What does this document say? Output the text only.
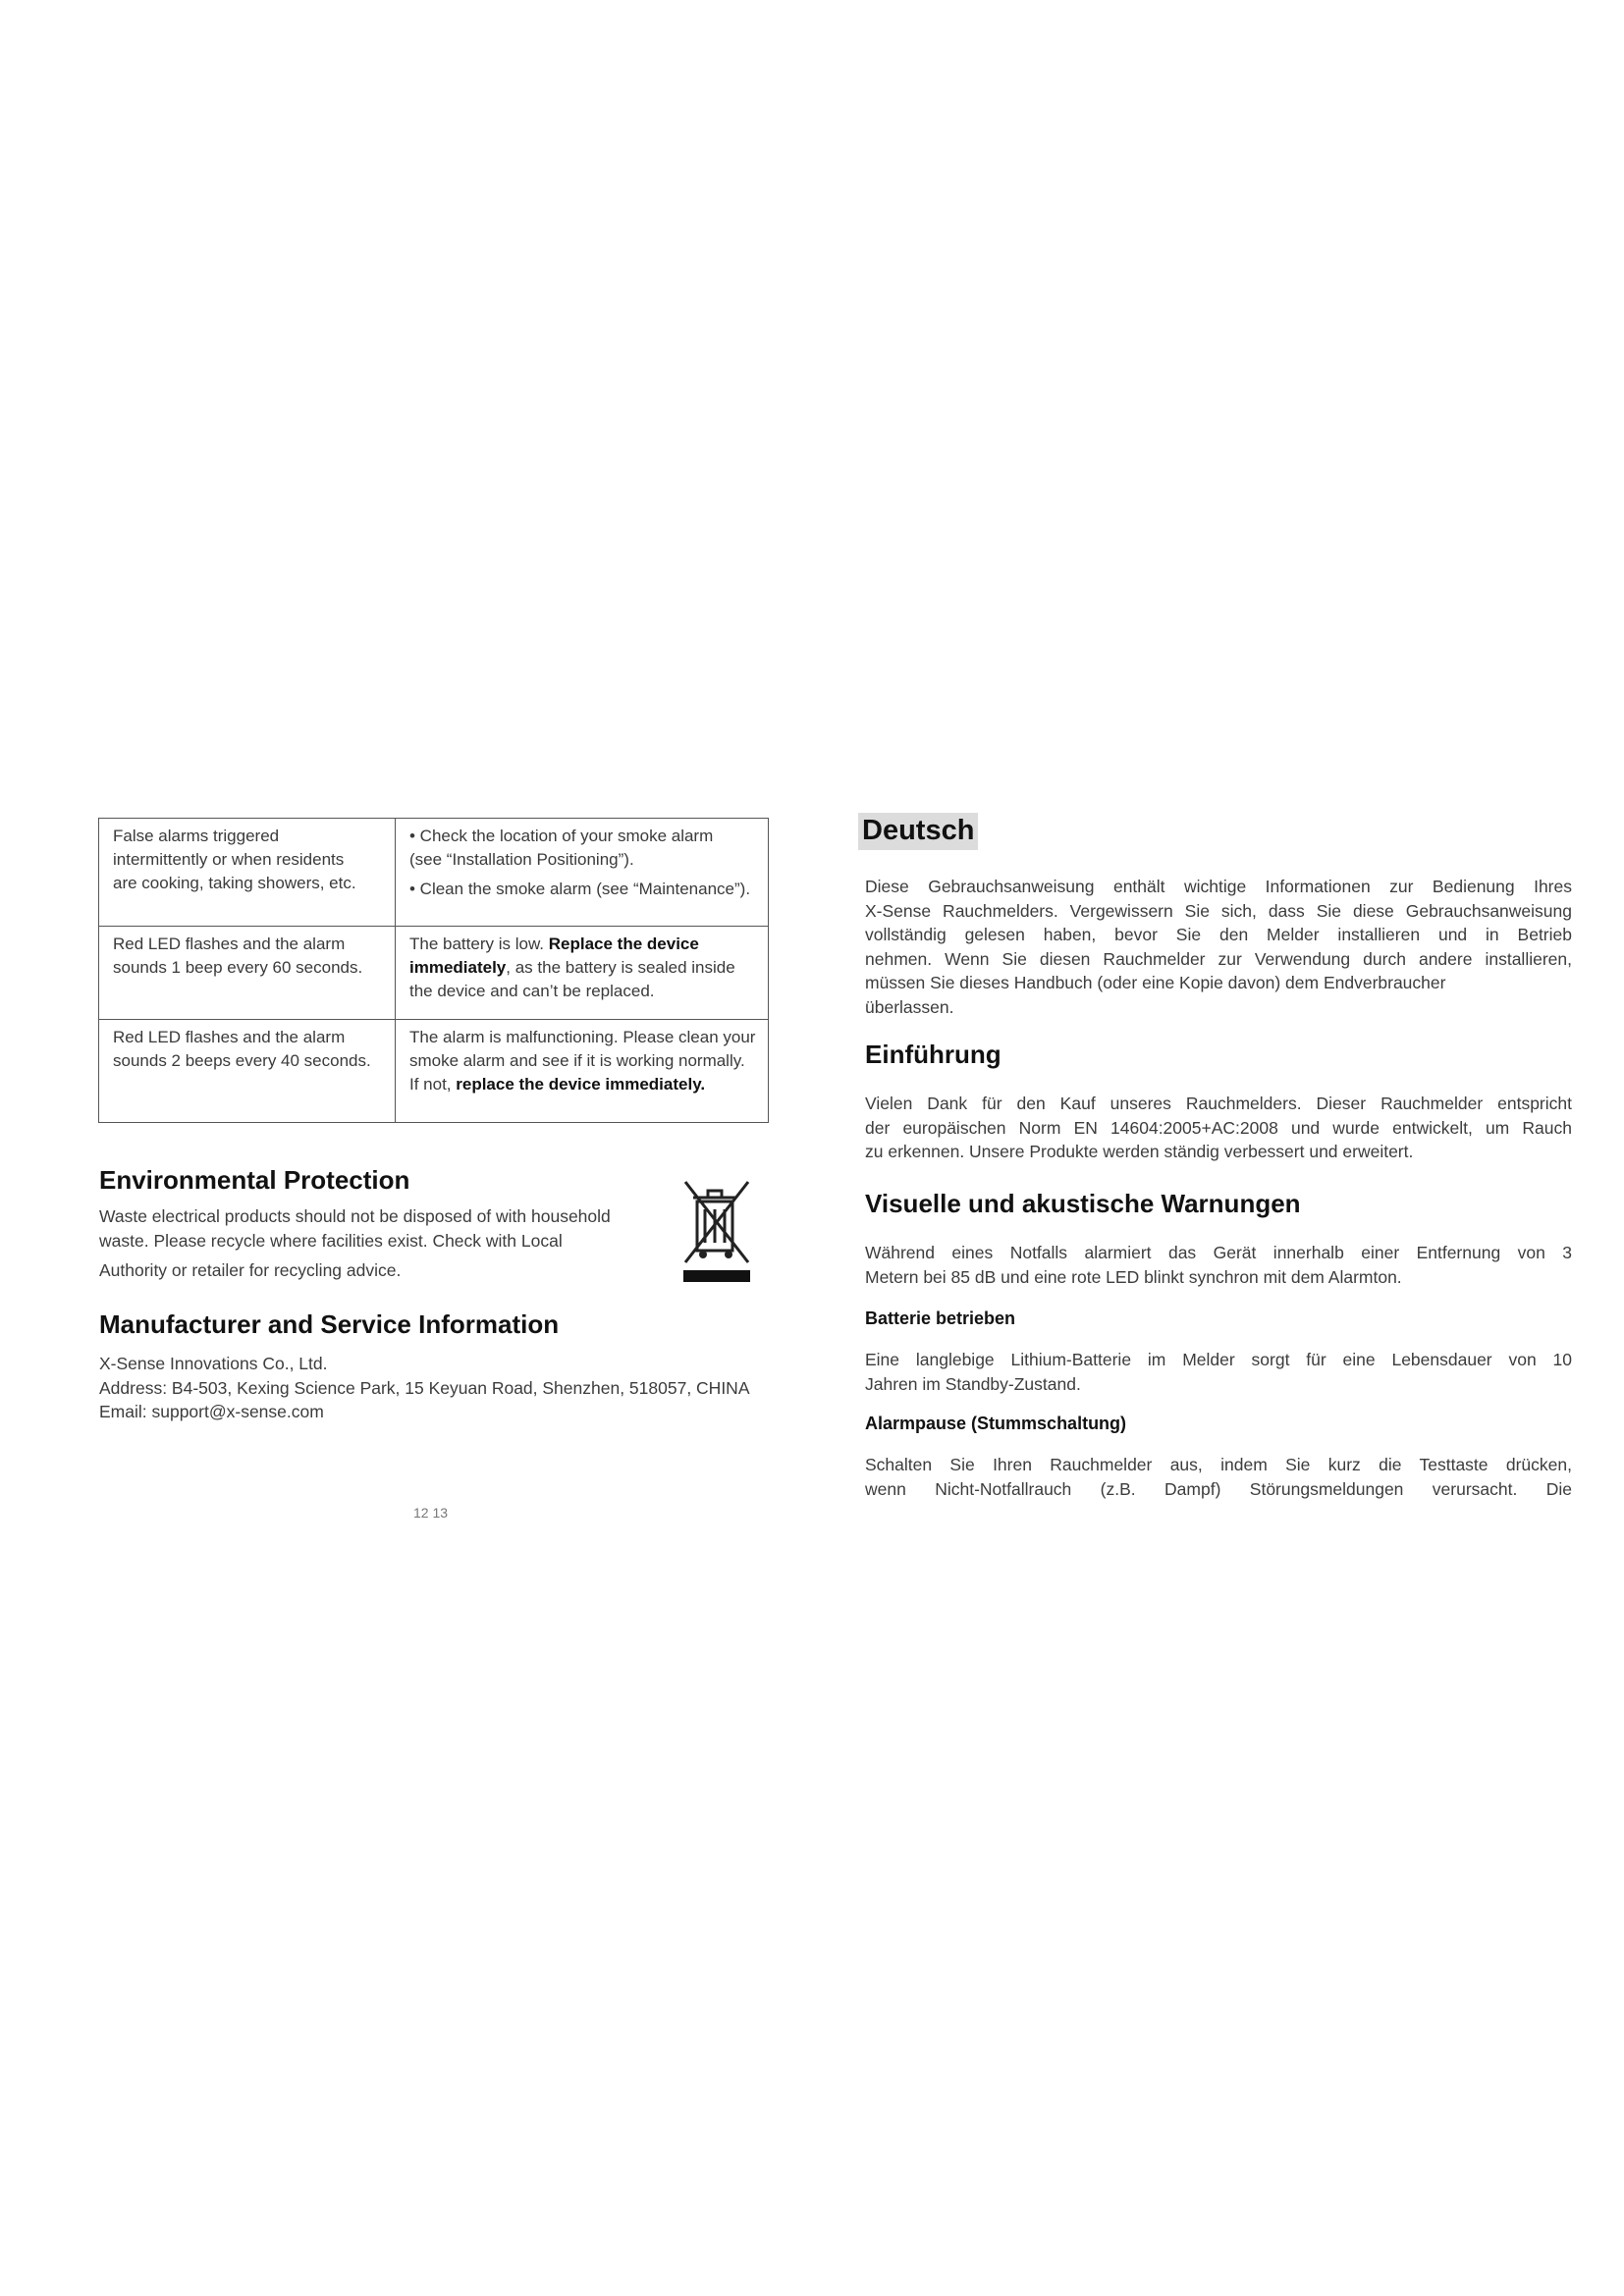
False alarms triggered
intermittently or when residents
are cooking, taking showers, etc.	• Check the location of your smoke alarm
(see “Installation Positioning”).
• Clean the smoke alarm (see “Maintenance”).

Red LED flashes and the alarm
sounds 1 beep every 60 seconds.	The battery is low. Replace the device
immediately, as the battery is sealed inside
the device and can’t be replaced.

Red LED flashes and the alarm
sounds 2 beeps every 40 seconds.	The alarm is malfunctioning. Please clean your
smoke alarm and see if it is working normally.
If not, replace the device immediately.
Environmental Protection

Waste electrical products should not be disposed of with household
waste. Please recycle where facilities exist. Check with Local
Authority or retailer for recycling advice.

Manufacturer and Service Information

X-Sense Innovations Co., Ltd.
Address: B4-503, Kexing Science Park, 15 Keyuan Road, Shenzhen, 518057, CHINA
Email: support@x-sense.com

12 13
Deutsch

Diese Gebrauchsanweisung enthält wichtige Informationen zur Bedienung Ihres
X-Sense Rauchmelders. Vergewissern Sie sich, dass Sie diese Gebrauchsanweisung
vollständig gelesen haben, bevor Sie den Melder installieren und in Betrieb
nehmen. Wenn Sie diesen Rauchmelder zur Verwendung durch andere installieren,
müssen Sie dieses Handbuch (oder eine Kopie davon) dem Endverbraucher
überlassen.

Einführung

Vielen Dank für den Kauf unseres Rauchmelders. Dieser Rauchmelder entspricht
der europäischen Norm EN 14604:2005+AC:2008 und wurde entwickelt, um Rauch
zu erkennen. Unsere Produkte werden ständig verbessert und erweitert.

Visuelle und akustische Warnungen

Während eines Notfalls alarmiert das Gerät innerhalb einer Entfernung von 3
Metern bei 85 dB und eine rote LED blinkt synchron mit dem Alarmton.

Batterie betrieben

Eine langlebige Lithium-Batterie im Melder sorgt für eine Lebensdauer von 10
Jahren im Standby-Zustand.

Alarmpause (Stummschaltung)

Schalten Sie Ihren Rauchmelder aus, indem Sie kurz die Testtaste drücken,
wenn Nicht-Notfallrauch (z.B. Dampf) Störungsmeldungen verursacht. Die
